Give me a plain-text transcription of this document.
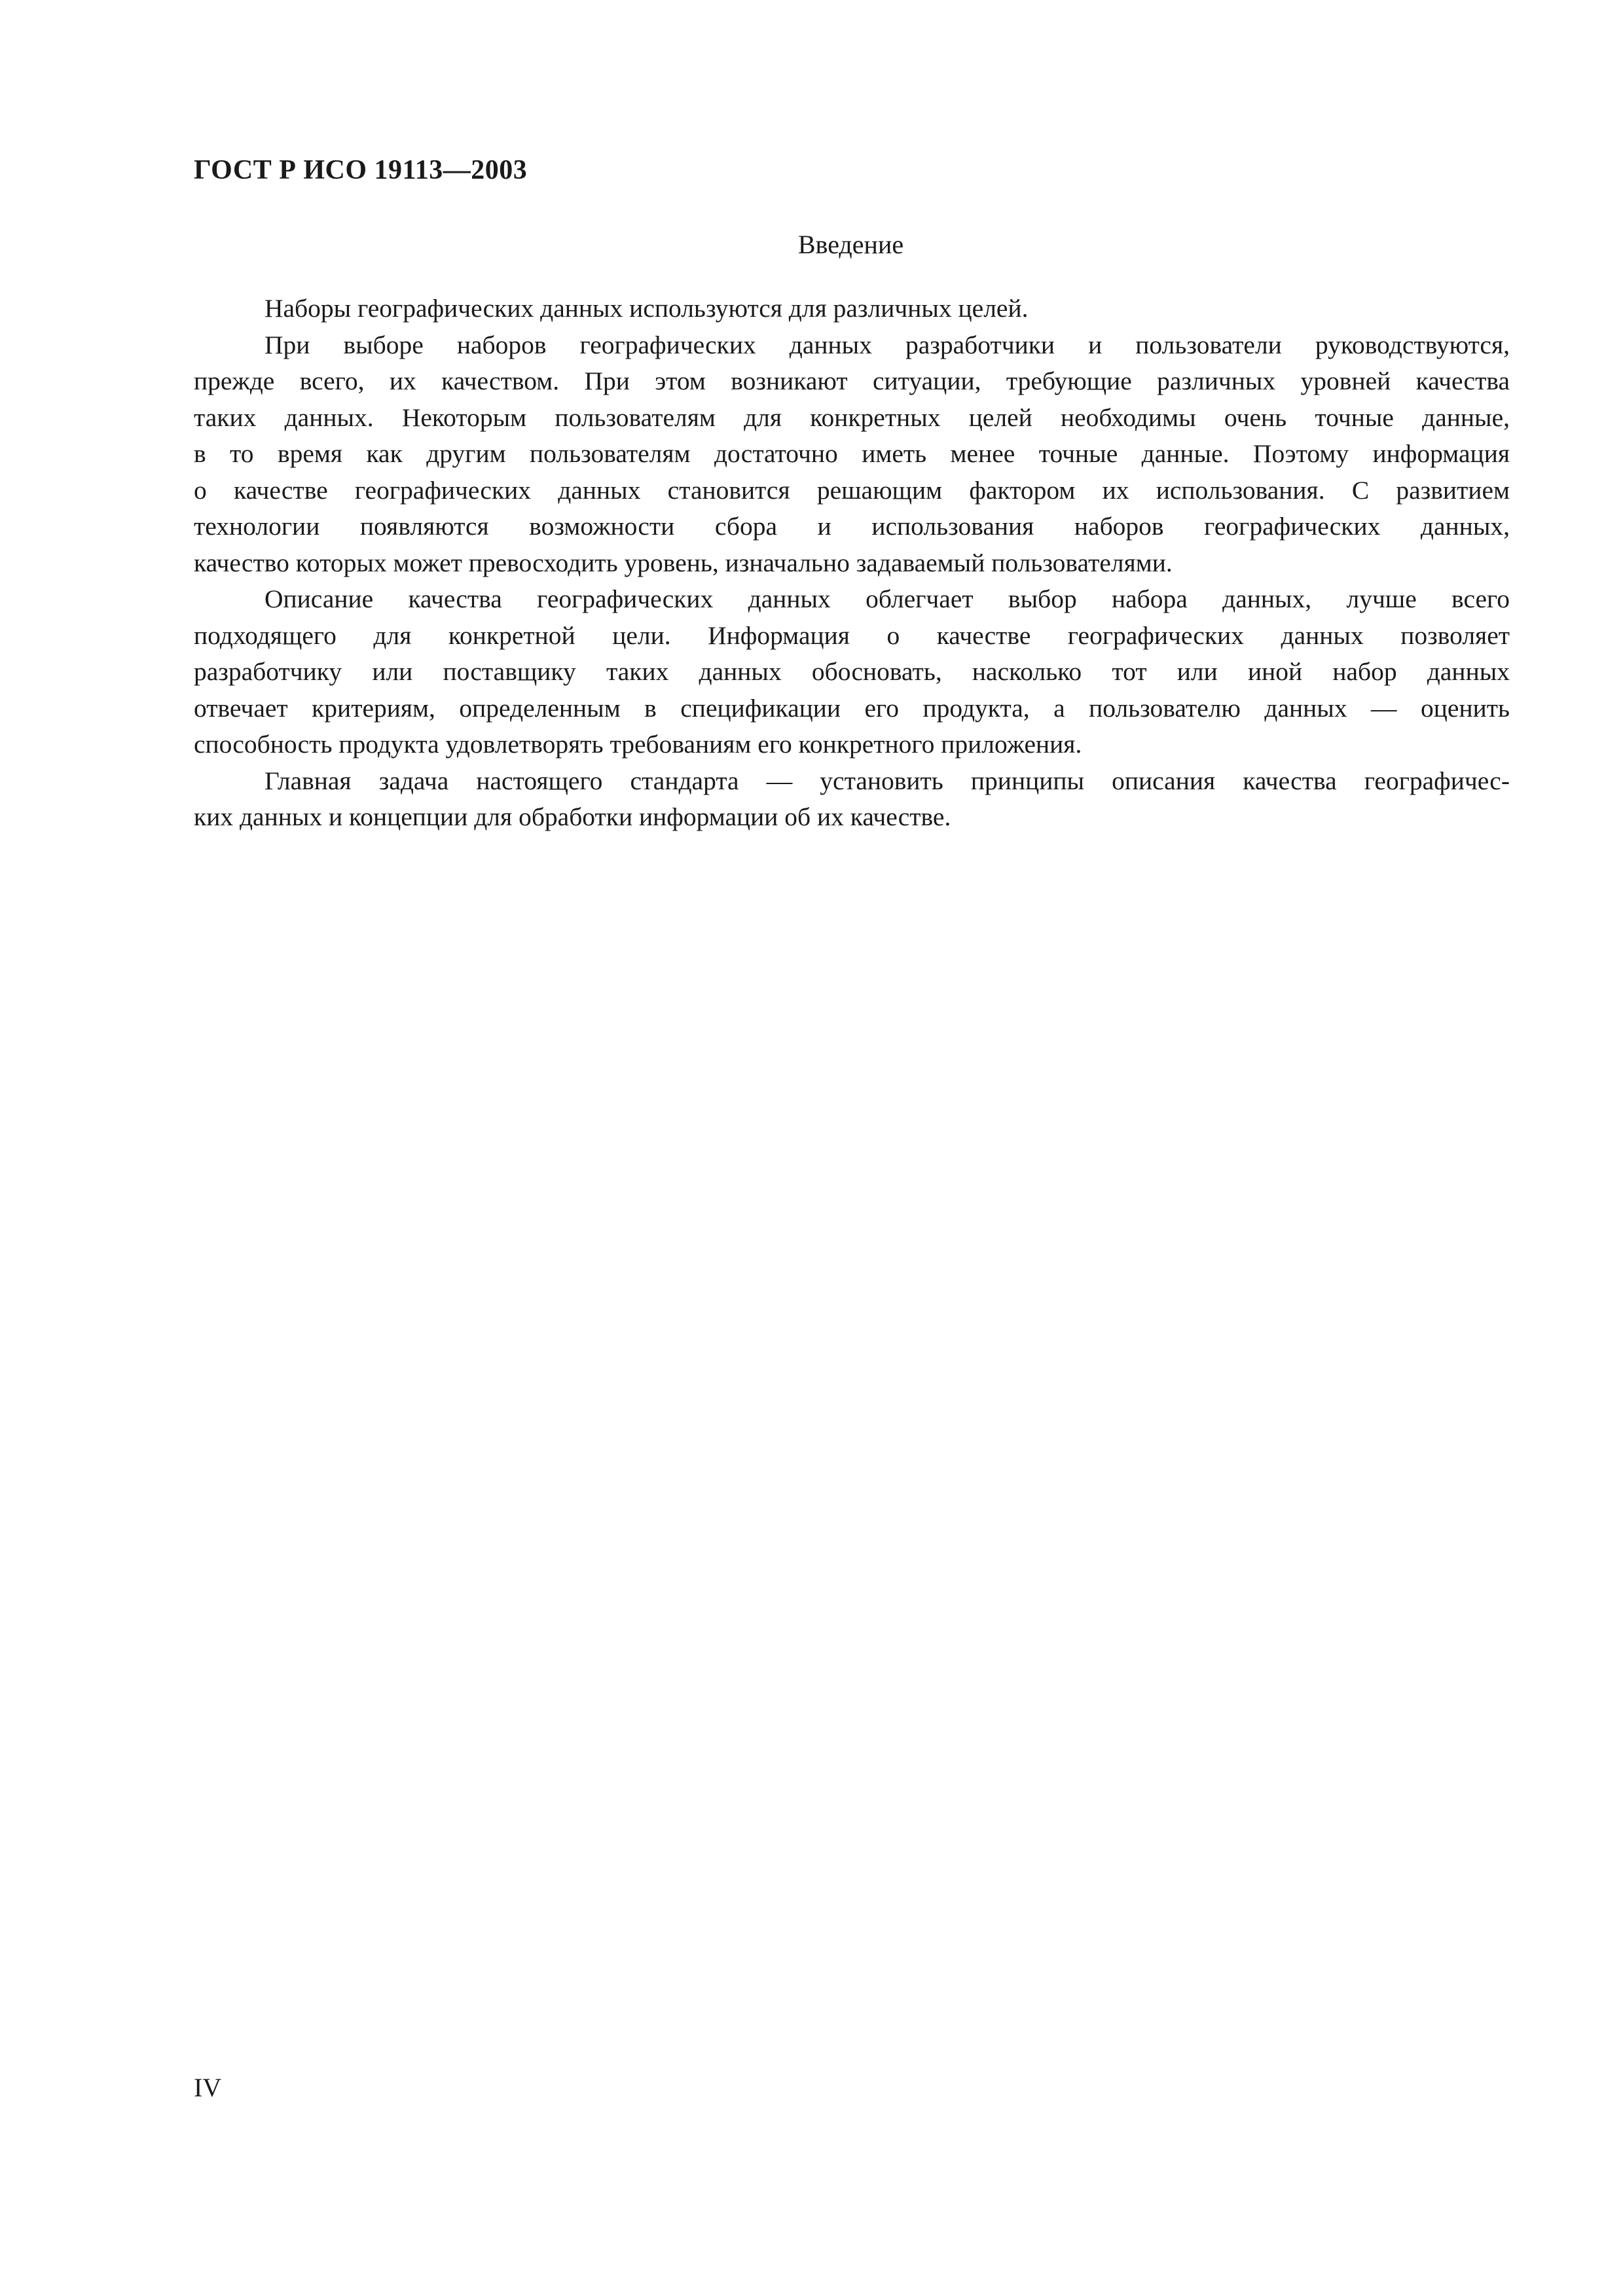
ГОСТ Р ИСО 19113—2003
Введение

Наборы географических данных используются для различных целей.

При выборе наборов географических данных разработчики и пользователи руководствуются,
прежде всего, их качеством. При этом возникают ситуации, требующие различных уровней качества
таких данных. Некоторым пользователям для конкретных целей необходимы очень точные данные,
в то время как другим пользователям достаточно иметь менее точные данные. Поэтому информация
о качестве географических данных становится решающим фактором их использования. С развитием
технологии появляются возможности сбора и использования наборов географических данных,
качество которых может превосходить уровень, изначально задаваемый пользователями.

Описание качества географических данных облегчает выбор набора данных, лучше всего
подходящего для конкретной цели. Информация о качестве географических данных позволяет
разработчику или поставщику таких данных обосновать, насколько тот или иной набор данных
отвечает критериям, определенным в спецификации его продукта, а пользователю данных — оценить
способность продукта удовлетворять требованиям его конкретного приложения.

Главная задача настоящего стандарта — установить принципы описания качества географичес-
ких данных и концепции для обработки информации об их качестве.

IV
